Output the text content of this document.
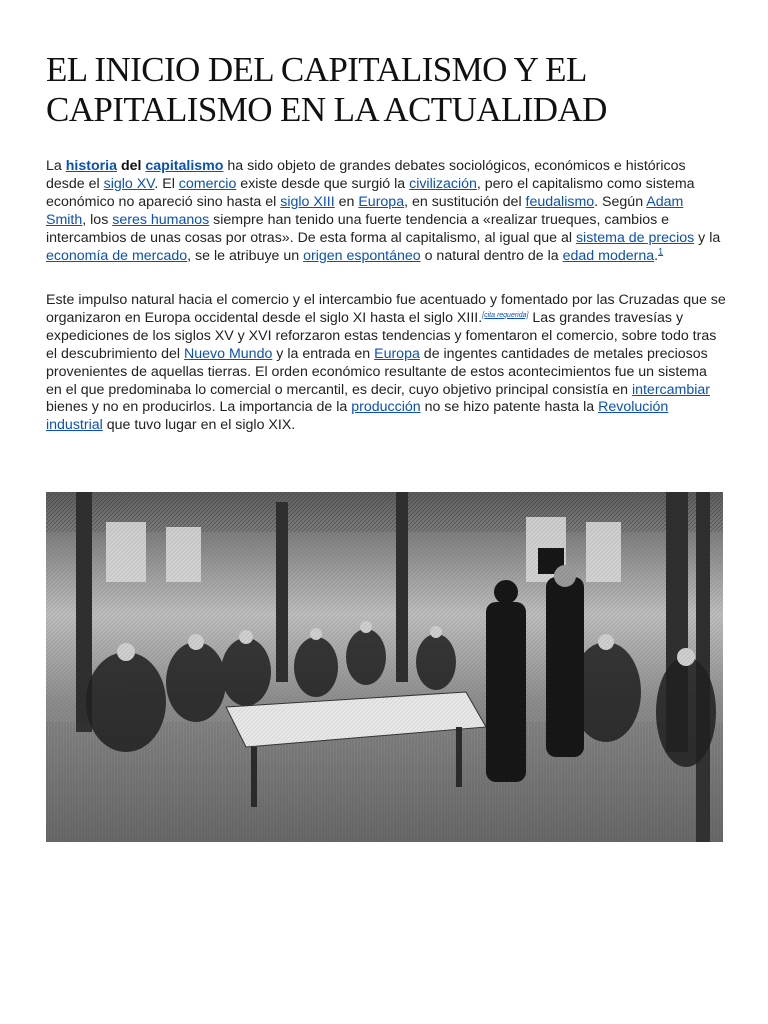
EL INICIO DEL CAPITALISMO Y EL CAPITALISMO EN LA ACTUALIDAD

La historia del capitalismo ha sido objeto de grandes debates sociológicos, económicos e históricos desde el siglo XV. El comercio existe desde que surgió la civilización, pero el capitalismo como sistema económico no apareció sino hasta el siglo XIII en Europa, en sustitución del feudalismo. Según Adam Smith, los seres humanos siempre han tenido una fuerte tendencia a «realizar trueques, cambios e intercambios de unas cosas por otras». De esta forma al capitalismo, al igual que al sistema de precios y la economía de mercado, se le atribuye un origen espontáneo o natural dentro de la edad moderna.$^1$

Este impulso natural hacia el comercio y el intercambio fue acentuado y fomentado por las Cruzadas que se organizaron en Europa occidental desde el siglo XI hasta el siglo XIII.[cita requerida] Las grandes travesías y expediciones de los siglos XV y XVI reforzaron estas tendencias y fomentaron el comercio, sobre todo tras el descubrimiento del Nuevo Mundo y la entrada en Europa de ingentes cantidades de metales preciosos provenientes de aquellas tierras. El orden económico resultante de estos acontecimientos fue un sistema en el que predominaba lo comercial o mercantil, es decir, cuyo objetivo principal consistía en intercambiar bienes y no en producirlos. La importancia de la producción no se hizo patente hasta la Revolución industrial que tuvo lugar en el siglo XIX.
